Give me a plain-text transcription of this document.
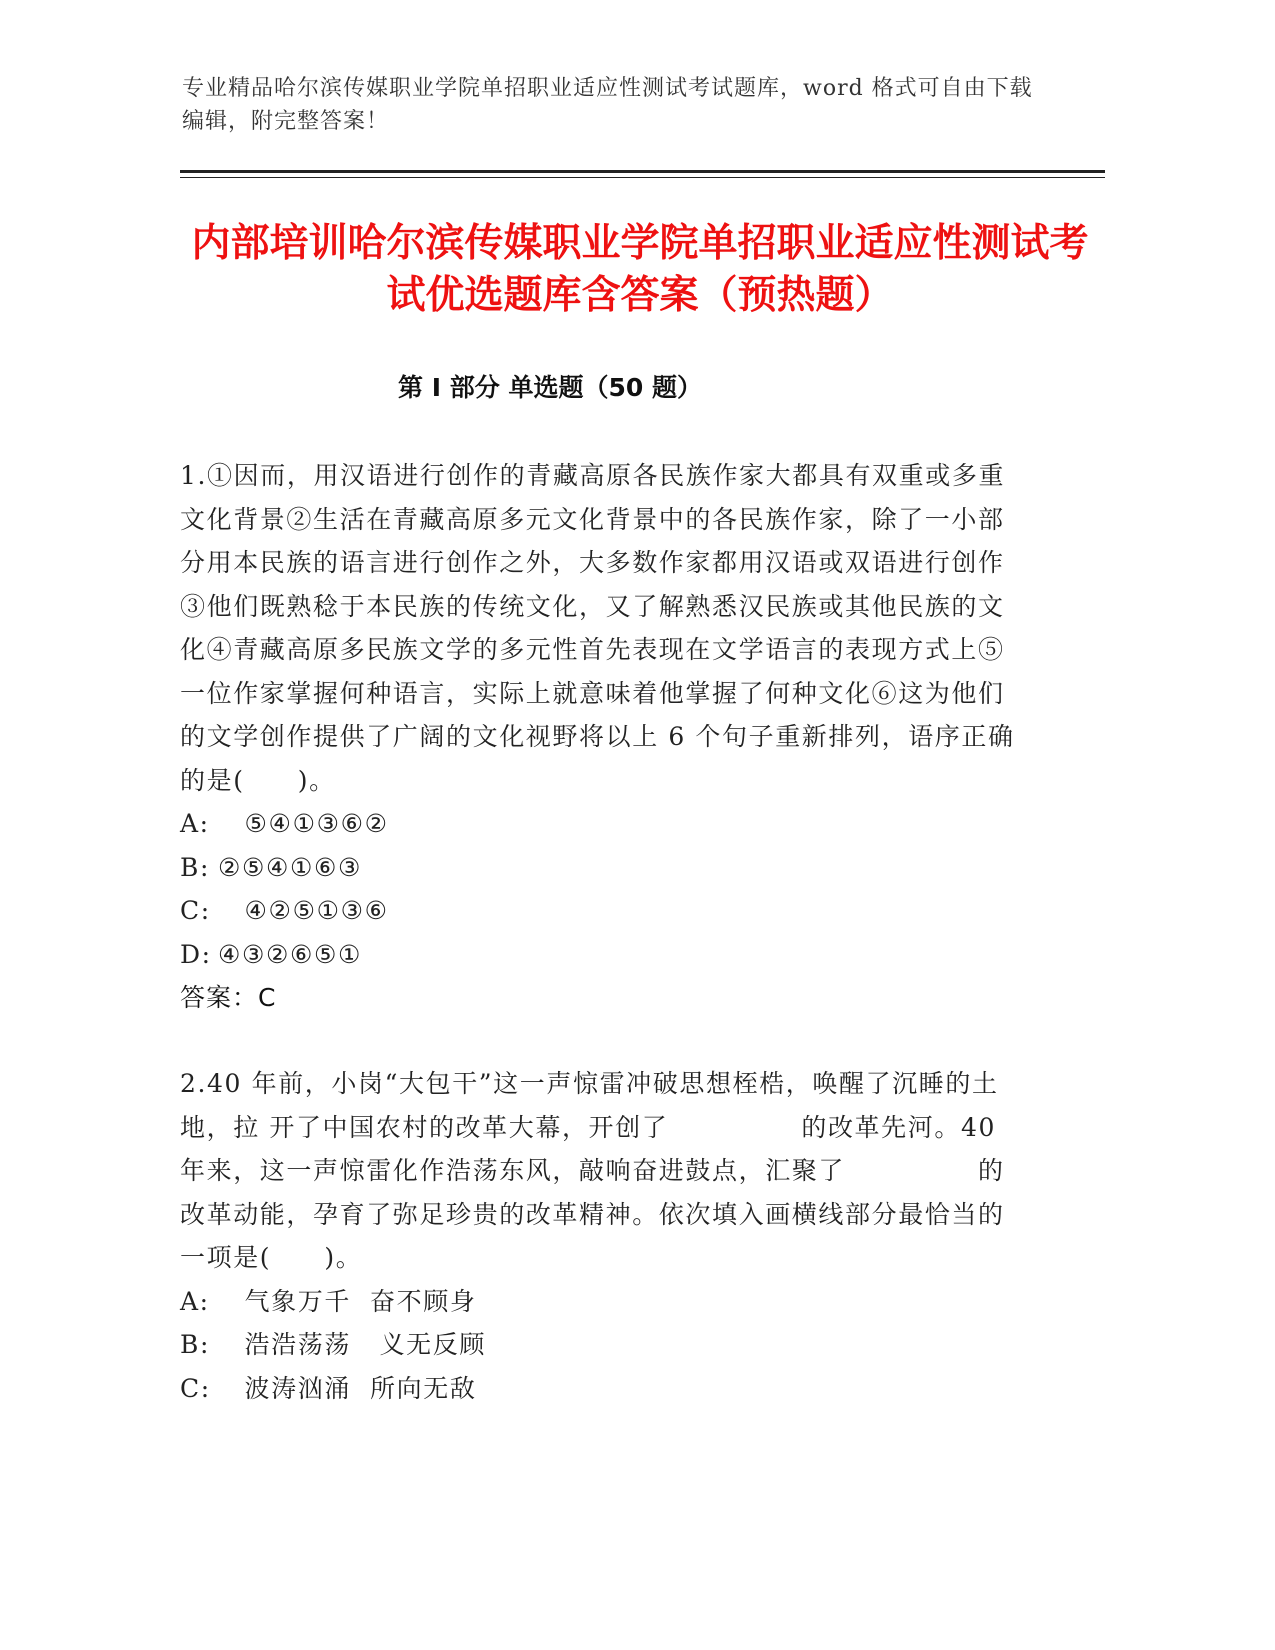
专业精品哈尔滨传媒职业学院单招职业适应性测试考试题库，word 格式可自由下载编辑，附完整答案！
内部培训哈尔滨传媒职业学院单招职业适应性测试考试优选题库含答案（预热题）
第 I 部分 单选题（50 题）

1.①因而，用汉语进行创作的青藏高原各民族作家大都具有双重或多重文化背景②生活在青藏高原多元文化背景中的各民族作家，除了一小部分用本民族的语言进行创作之外，大多数作家都用汉语或双语进行创作③他们既熟稔于本民族的传统文化，又了解熟悉汉民族或其他民族的文化④青藏高原多民族文学的多元性首先表现在文学语言的表现方式上⑤一位作家掌握何种语言，实际上就意味着他掌握了何种文化⑥这为他们的文学创作提供了广阔的文化视野将以上 6 个句子重新排列，语序正确的是(　　)。

A: ⑤④①③⑥②

B: ②⑤④①⑥③

C: ④②⑤①③⑥

D: ④③②⑥⑤①

答案：C

2.40 年前，小岗“大包干”这一声惊雷冲破思想桎梏，唤醒了沉睡的土地，拉 开了中国农村的改革大幕，开创了　　　　　的改革先河。40 年来，这一声惊雷化作浩荡东风，敲响奋进鼓点，汇聚了　　　　　的改革动能，孕育了弥足珍贵的改革精神。依次填入画横线部分最恰当的一项是(　　)。

A: 气象万千  奋不顾身

B: 浩浩荡荡   义无反顾

C: 波涛汹涌  所向无敌
